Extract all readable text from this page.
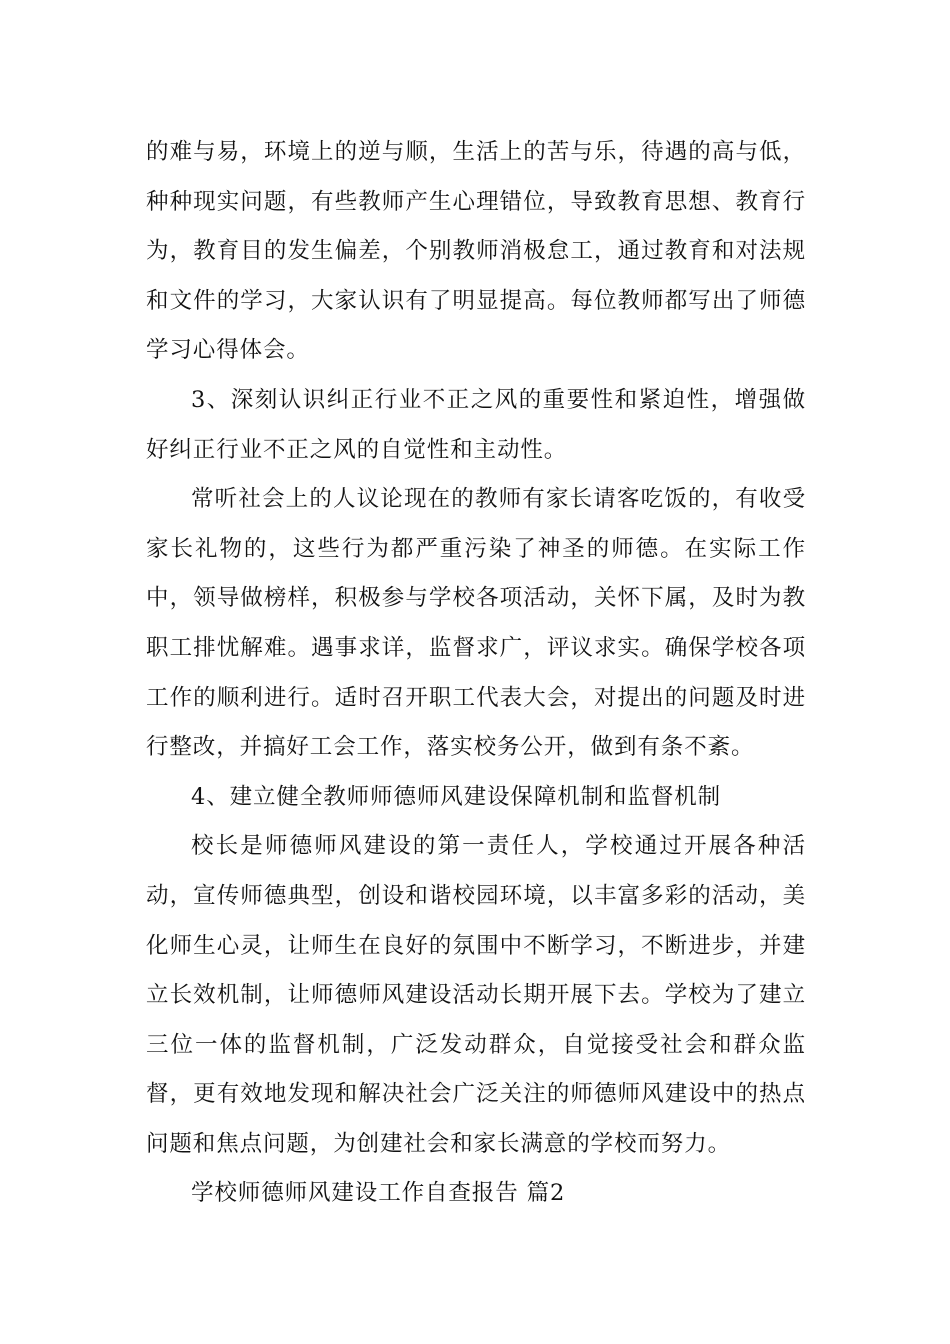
的难与易，环境上的逆与顺，生活上的苦与乐，待遇的高与低，种种现实问题，有些教师产生心理错位，导致教育思想、教育行为，教育目的发生偏差，个别教师消极怠工，通过教育和对法规和文件的学习，大家认识有了明显提高。每位教师都写出了师德学习心得体会。

3、深刻认识纠正行业不正之风的重要性和紧迫性，增强做好纠正行业不正之风的自觉性和主动性。

常听社会上的人议论现在的教师有家长请客吃饭的，有收受家长礼物的，这些行为都严重污染了神圣的师德。在实际工作中，领导做榜样，积极参与学校各项活动，关怀下属，及时为教职工排忧解难。遇事求详，监督求广，评议求实。确保学校各项工作的顺利进行。适时召开职工代表大会，对提出的问题及时进行整改，并搞好工会工作，落实校务公开，做到有条不紊。

4、建立健全教师师德师风建设保障机制和监督机制

校长是师德师风建设的第一责任人，学校通过开展各种活动，宣传师德典型，创设和谐校园环境，以丰富多彩的活动，美化师生心灵，让师生在良好的氛围中不断学习，不断进步，并建立长效机制，让师德师风建设活动长期开展下去。学校为了建立三位一体的监督机制，广泛发动群众，自觉接受社会和群众监督，更有效地发现和解决社会广泛关注的师德师风建设中的热点问题和焦点问题，为创建社会和家长满意的学校而努力。

学校师德师风建设工作自查报告 篇2
